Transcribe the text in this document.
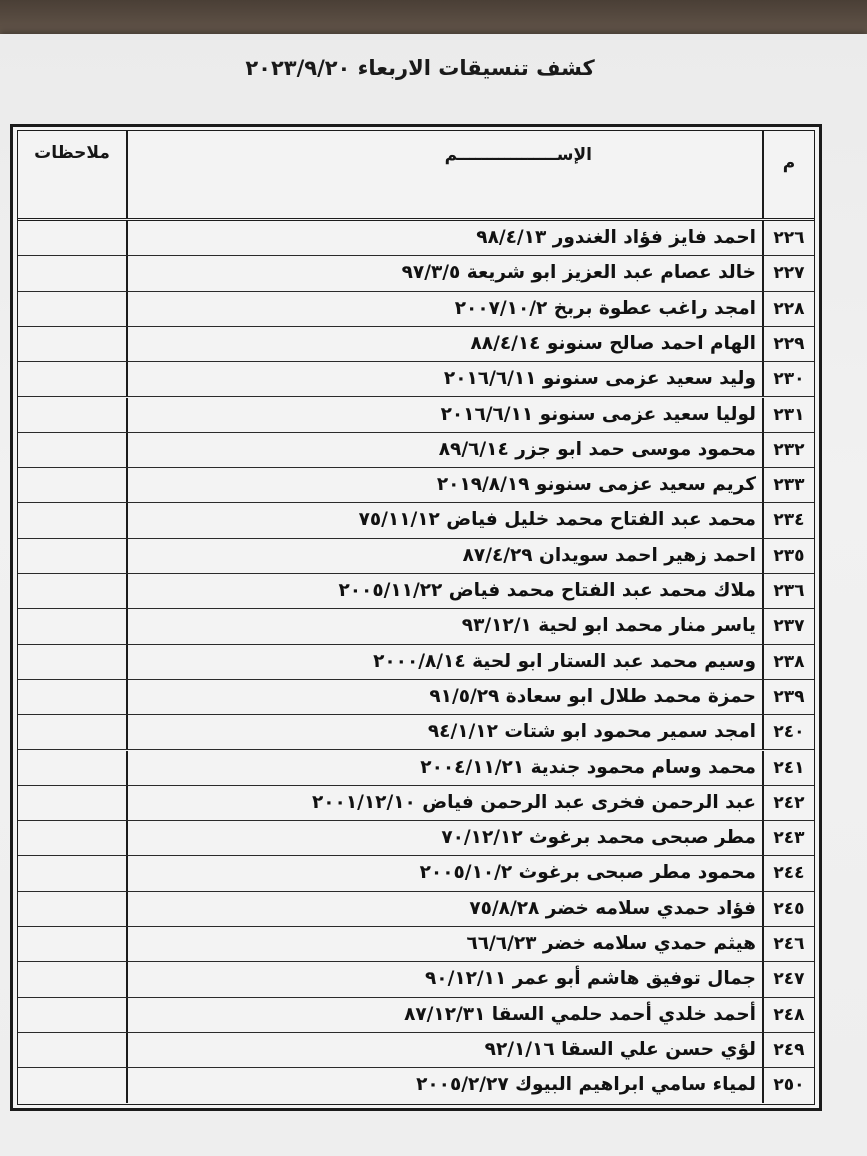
كشف تنسيقات الاربعاء ٢٠٢٣/٩/٢٠
م
الإســـــــــــــــــم
ملاحظات
٢٢٦
احمد فايز فؤاد الغندور ٩٨/٤/١٣
٢٢٧
خالد عصام عبد العزيز ابو شريعة ٩٧/٣/٥
٢٢٨
امجد راغب عطوة بربخ ٢٠٠٧/١٠/٢
٢٢٩
الهام احمد صالح سنونو ٨٨/٤/١٤
٢٣٠
وليد سعيد عزمى سنونو ٢٠١٦/٦/١١
٢٣١
لوليا سعيد عزمى سنونو ٢٠١٦/٦/١١
٢٣٢
محمود موسى حمد ابو جزر ٨٩/٦/١٤
٢٣٣
كريم سعيد عزمى سنونو ٢٠١٩/٨/١٩
٢٣٤
محمد عبد الفتاح محمد خليل فياض ٧٥/١١/١٢
٢٣٥
احمد زهير احمد سويدان ٨٧/٤/٢٩
٢٣٦
ملاك محمد عبد الفتاح محمد فياض ٢٠٠٥/١١/٢٢
٢٣٧
ياسر منار محمد ابو لحية ٩٣/١٢/١
٢٣٨
وسيم محمد عبد الستار ابو لحية ٢٠٠٠/٨/١٤
٢٣٩
حمزة محمد طلال ابو سعادة ٩١/٥/٢٩
٢٤٠
امجد سمير محمود ابو شتات ٩٤/١/١٢
٢٤١
محمد وسام محمود جندية ٢٠٠٤/١١/٢١
٢٤٢
عبد الرحمن فخرى عبد الرحمن فياض ٢٠٠١/١٢/١٠
٢٤٣
مطر صبحى محمد برغوث ٧٠/١٢/١٢
٢٤٤
محمود مطر صبحى برغوث ٢٠٠٥/١٠/٢
٢٤٥
فؤاد حمدي سلامه خضر ٧٥/٨/٢٨
٢٤٦
هيثم حمدي سلامه خضر ٦٦/٦/٢٣
٢٤٧
جمال توفيق هاشم أبو عمر ٩٠/١٢/١١
٢٤٨
أحمد خلدي أحمد حلمي السقا ٨٧/١٢/٣١
٢٤٩
لؤي حسن علي السقا ٩٢/١/١٦
٢٥٠
لمياء سامي ابراهيم البيوك ٢٠٠٥/٢/٢٧
